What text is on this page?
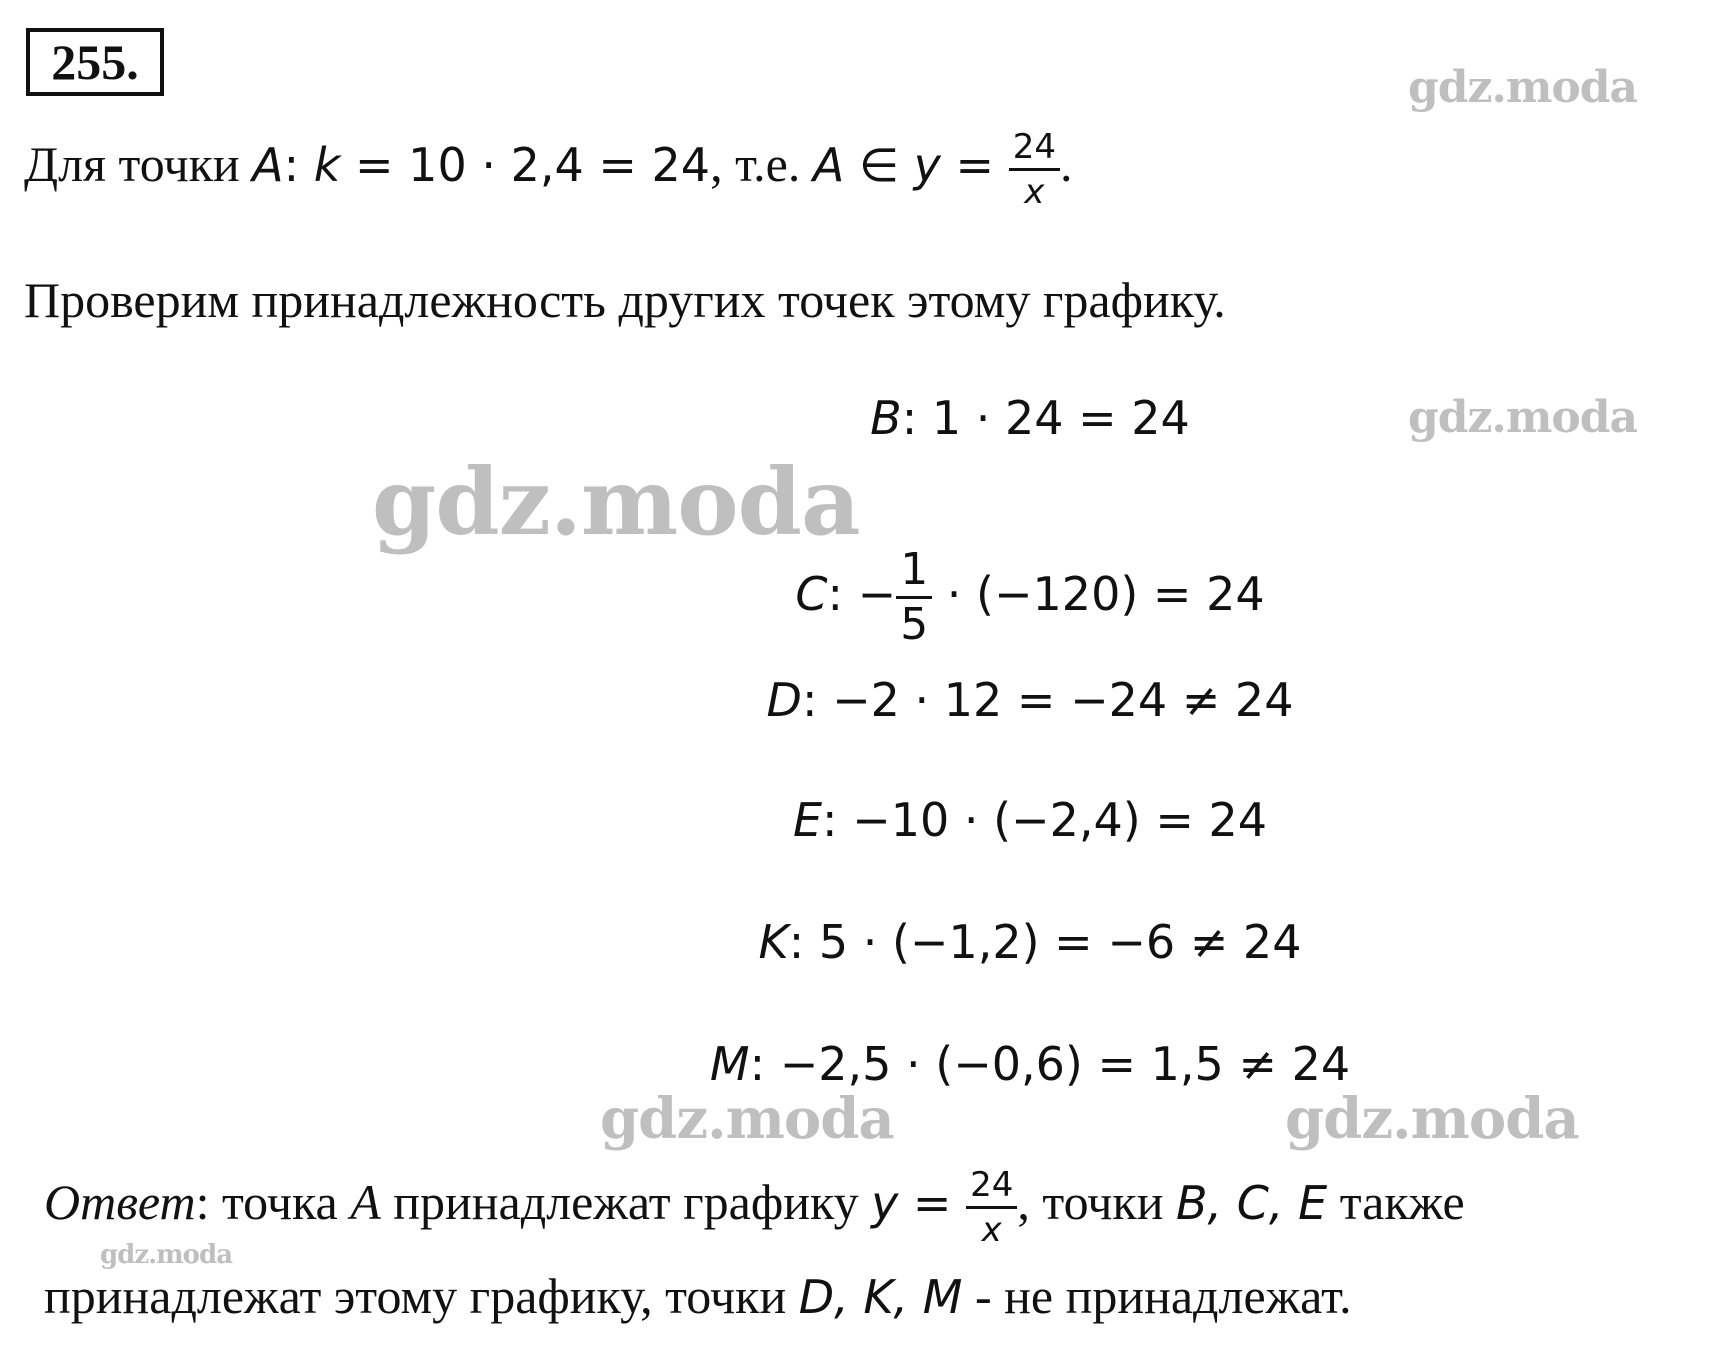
255.	gdz.moda
gdz.moda
gdz.moda
gdz.moda	gdz.moda
gdz.moda
Для точки A: k = 10 · 2,4 = 24, т.е. A ∈ $y = \frac{24}{x}$ .
Проверим принадлежность других точек этому графику.
B: 1 · 24 = 24
C: − $\frac{1}{5} \cdot (-120) = 24$
D: −2 · 12 = −24 ≠ 24
E: −10 · (−2,4) = 24
K: 5 · (−1,2) = −6 ≠ 24
M: −2,5 · (−0,6) = 1,5 ≠ 24
Ответ: точка A принадлежат графику $y = \frac{24}{x}$ , точки B, C, E также
принадлежат этому графику, точки D, K, M - не принадлежат.
